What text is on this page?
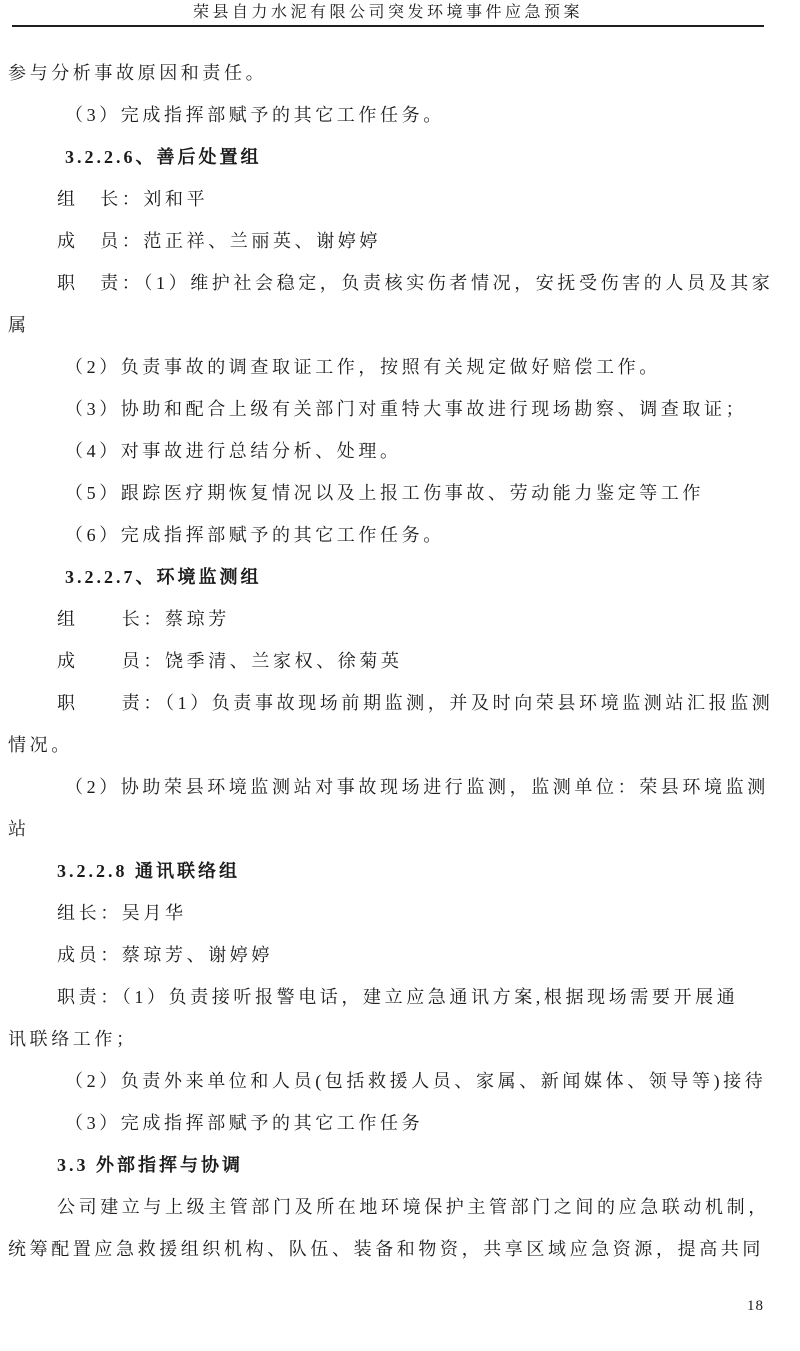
荣县自力水泥有限公司突发环境事件应急预案
参与分析事故原因和责任。
（3）完成指挥部赋予的其它工作任务。
3.2.2.6、善后处置组
组　长：刘和平
成　员：范正祥、兰丽英、谢婷婷
职　责：（1）维护社会稳定，负责核实伤者情况，安抚受伤害的人员及其家
属
（2）负责事故的调查取证工作，按照有关规定做好赔偿工作。
（3）协助和配合上级有关部门对重特大事故进行现场勘察、调查取证；
（4）对事故进行总结分析、处理。
（5）跟踪医疗期恢复情况以及上报工伤事故、劳动能力鉴定等工作
（6）完成指挥部赋予的其它工作任务。
3.2.2.7、环境监测组
组　　长：蔡琼芳
成　　员：饶季清、兰家权、徐菊英
职　　责：（1）负责事故现场前期监测，并及时向荣县环境监测站汇报监测
情况。
（2）协助荣县环境监测站对事故现场进行监测，监测单位：荣县环境监测
站
3.2.2.8 通讯联络组
组长：吴月华
成员：蔡琼芳、谢婷婷
职责：（1）负责接听报警电话，建立应急通讯方案,根据现场需要开展通
讯联络工作；
（2）负责外来单位和人员(包括救援人员、家属、新闻媒体、领导等)接待
（3）完成指挥部赋予的其它工作任务
3.3 外部指挥与协调
公司建立与上级主管部门及所在地环境保护主管部门之间的应急联动机制，
统筹配置应急救援组织机构、队伍、装备和物资，共享区域应急资源，提高共同
18
